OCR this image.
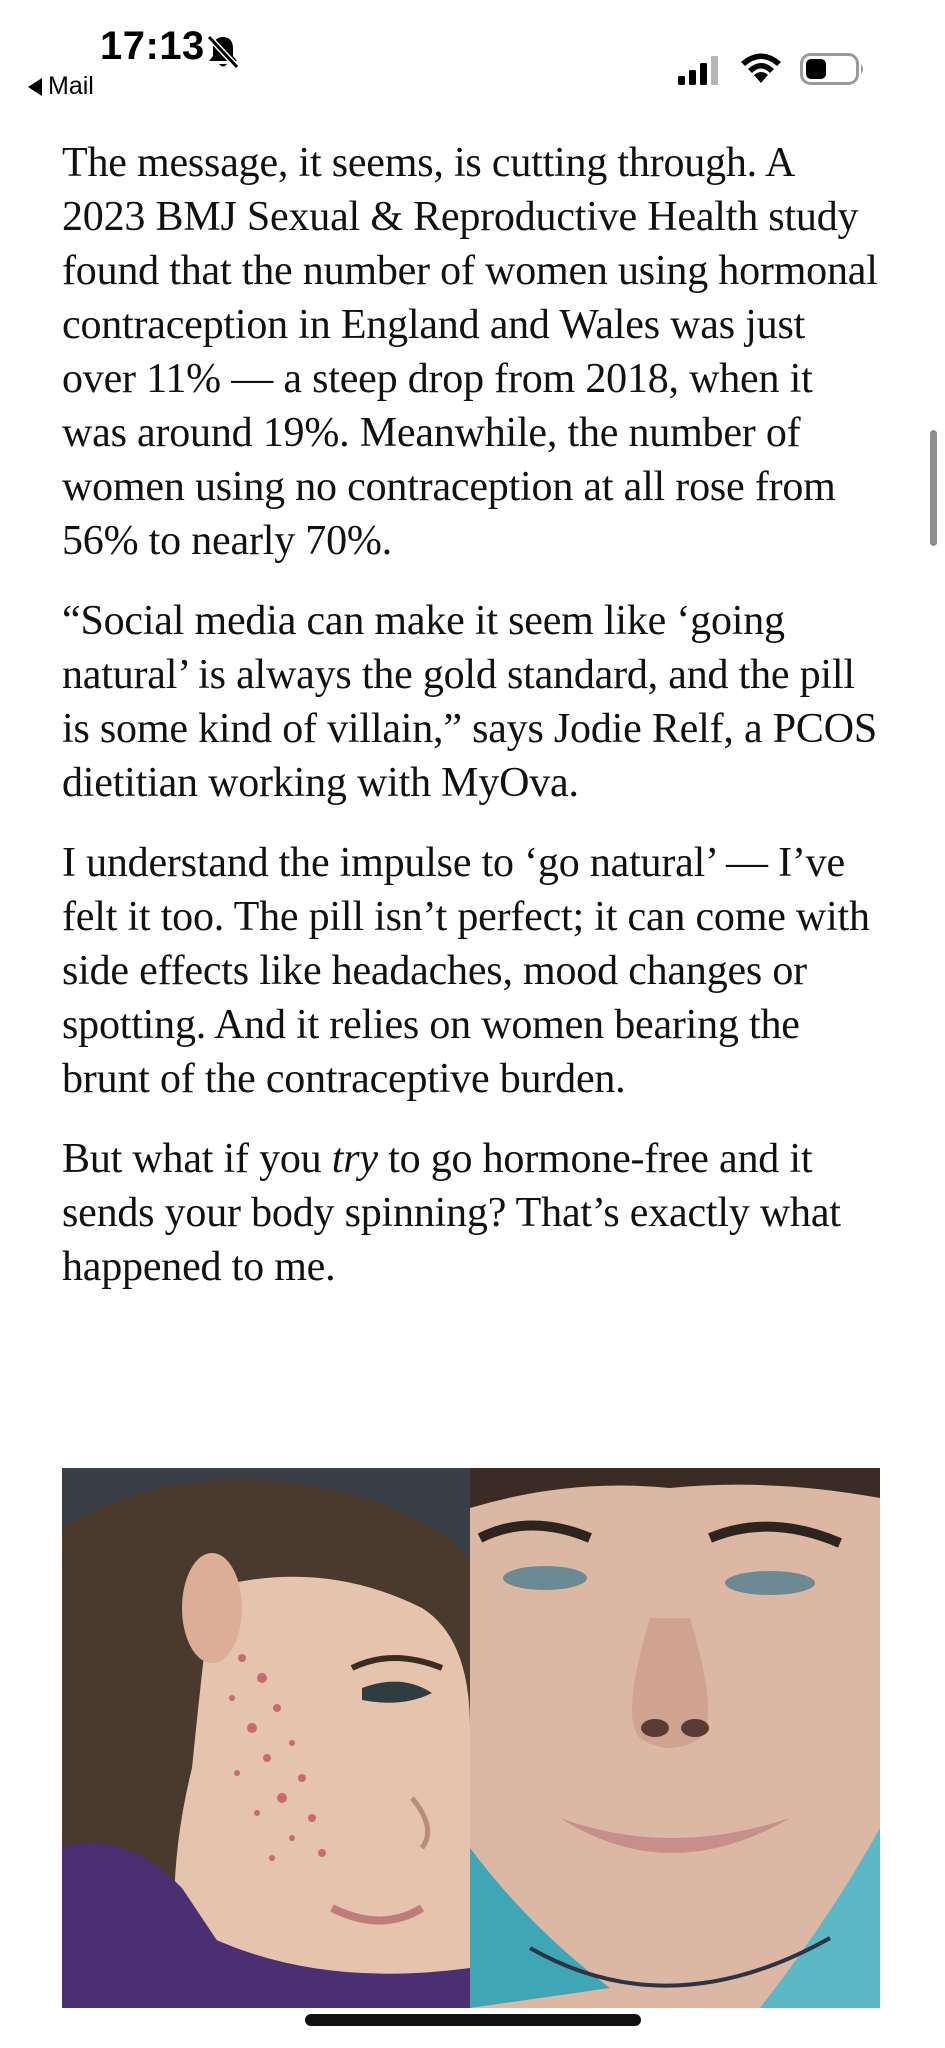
17:13
Mail

The message, it seems, is cutting through. A 2023 BMJ Sexual & Reproductive Health study found that the number of women using hormonal contraception in England and Wales was just over 11% — a steep drop from 2018, when it was around 19%. Meanwhile, the number of women using no contraception at all rose from 56% to nearly 70%.

“Social media can make it seem like ‘going natural’ is always the gold standard, and the pill is some kind of villain,” says Jodie Relf, a PCOS dietitian working with MyOva.

I understand the impulse to ‘go natural’ — I’ve felt it too. The pill isn’t perfect; it can come with side effects like headaches, mood changes or spotting. And it relies on women bearing the brunt of the contraceptive burden.

But what if you try to go hormone-free and it sends your body spinning? That’s exactly what happened to me.
